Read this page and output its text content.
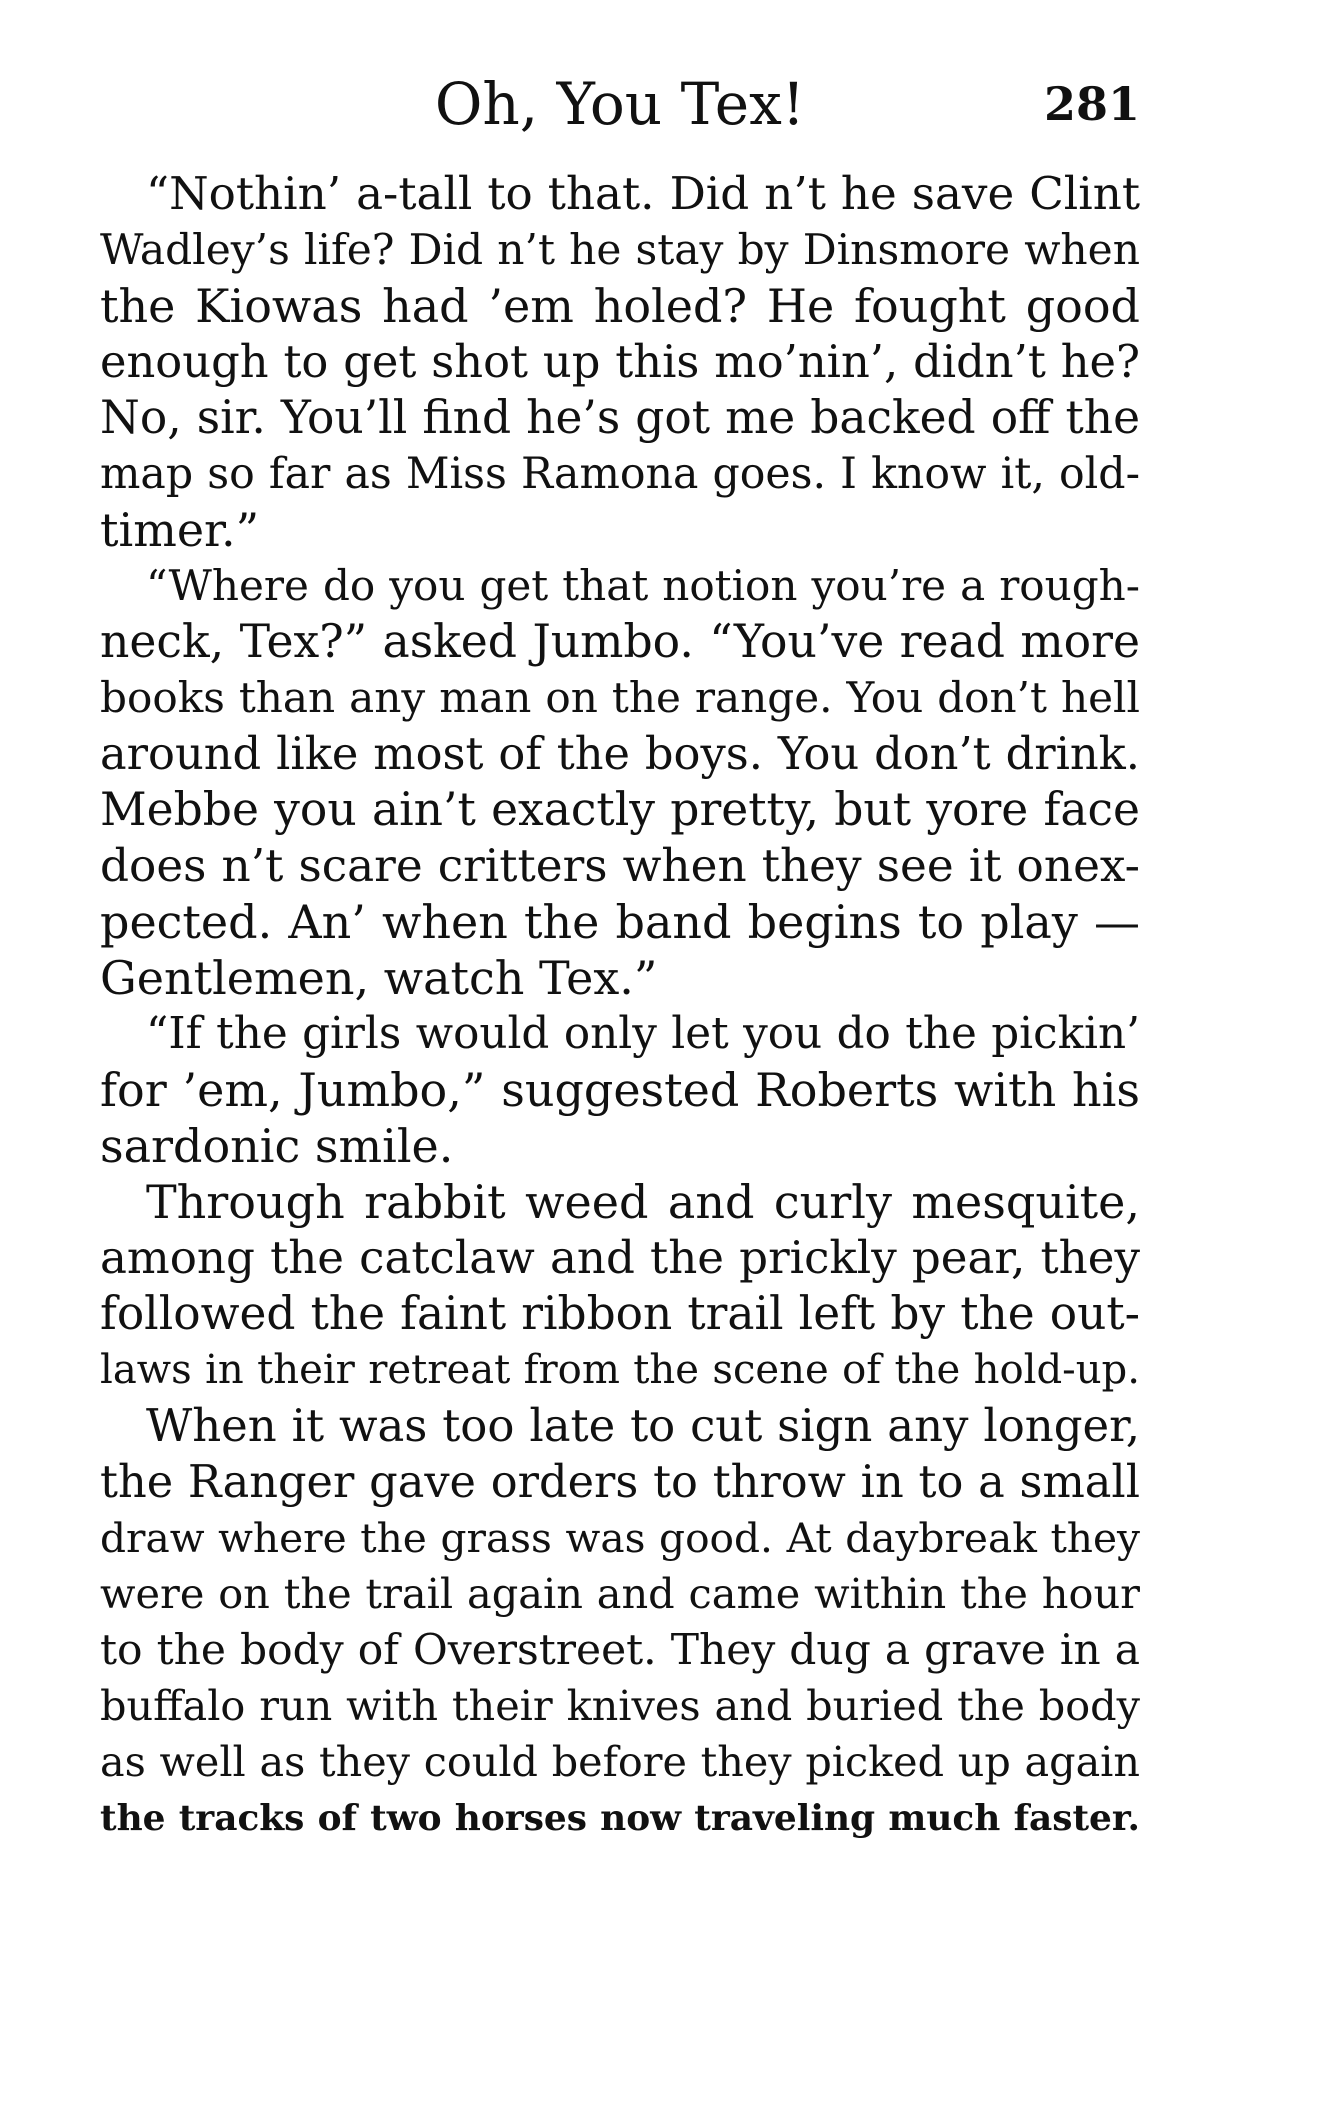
Oh, You Tex!	281
“Nothin’ a-tall to that. Did n’t he save Clint
Wadley’s life? Did n’t he stay by Dinsmore when
the Kiowas had ’em holed? He fought good
enough to get shot up this mo’nin’, didn’t he?
No, sir. You’ll find he’s got me backed off the
map so far as Miss Ramona goes. I know it, old-
timer.”
“Where do you get that notion you’re a rough-
neck, Tex?” asked Jumbo. “You’ve read more
books than any man on the range. You don’t hell
around like most of the boys. You don’t drink.
Mebbe you ain’t exactly pretty, but yore face
does n’t scare critters when they see it onex-
pected. An’ when the band begins to play —
Gentlemen, watch Tex.”
“If the girls would only let you do the pickin’
for ’em, Jumbo,” suggested Roberts with his
sardonic smile.
Through rabbit weed and curly mesquite,
among the catclaw and the prickly pear, they
followed the faint ribbon trail left by the out-
laws in their retreat from the scene of the hold-up.
When it was too late to cut sign any longer,
the Ranger gave orders to throw in to a small
draw where the grass was good. At daybreak they
were on the trail again and came within the hour
to the body of Overstreet. They dug a grave in a
buffalo run with their knives and buried the body
as well as they could before they picked up again
the tracks of two horses now traveling much faster.
